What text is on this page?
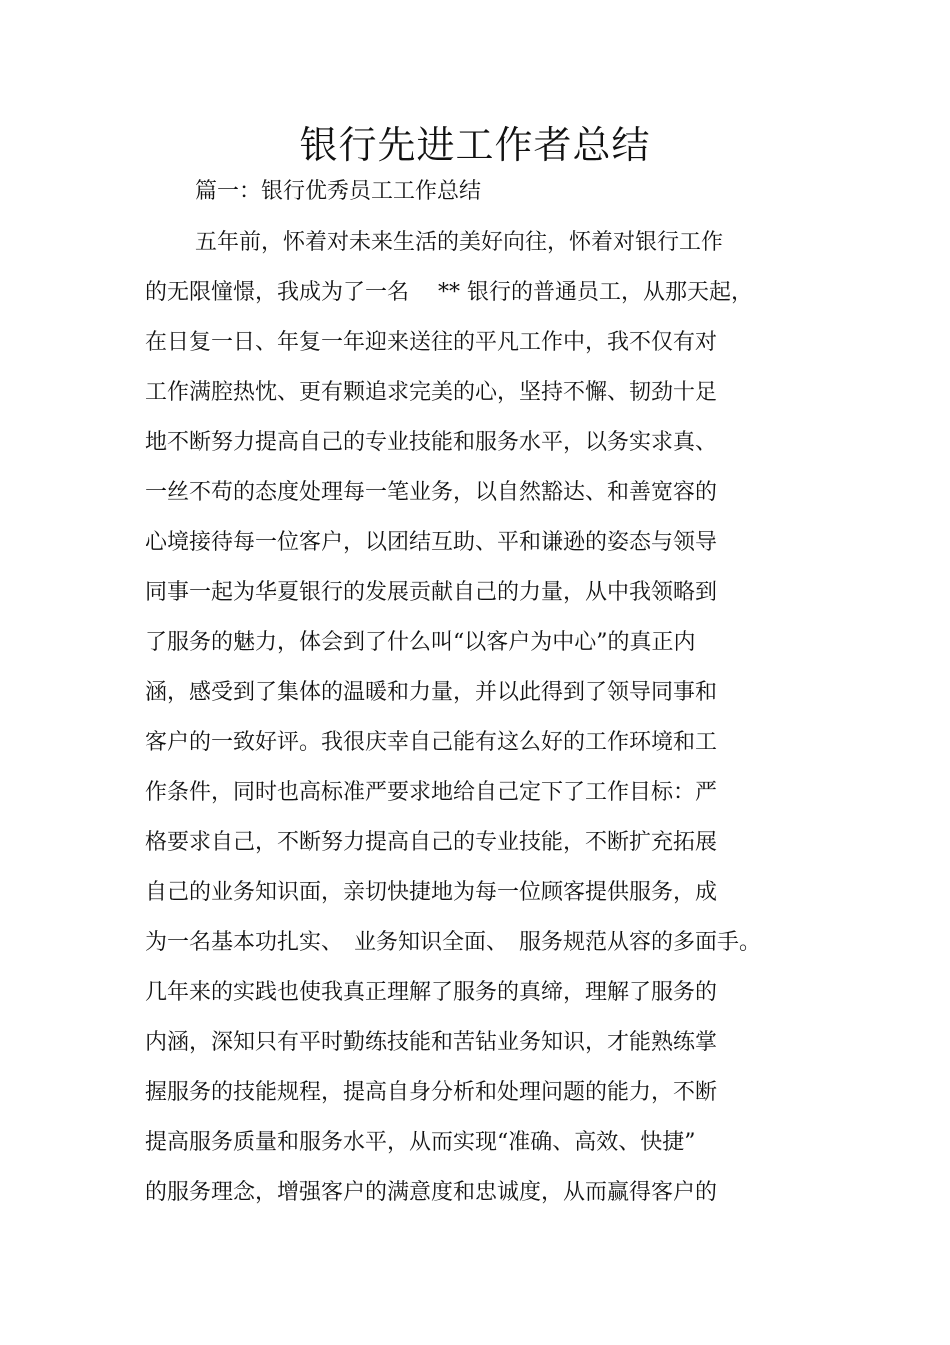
银行先进工作者总结
篇一：银行优秀员工工作总结
五年前，怀着对未来生活的美好向往，怀着对银行工作
的无限憧憬，我成为了一名　 ** 银行的普通员工，从那天起，
在日复一日、年复一年迎来送往的平凡工作中，我不仅有对
工作满腔热忱、更有颗追求完美的心，坚持不懈、韧劲十足
地不断努力提高自己的专业技能和服务水平，以务实求真、
一丝不苟的态度处理每一笔业务，以自然豁达、和善宽容的
心境接待每一位客户，以团结互助、平和谦逊的姿态与领导
同事一起为华夏银行的发展贡献自己的力量，从中我领略到
了服务的魅力，体会到了什么叫“以客户为中心”的真正内
涵，感受到了集体的温暖和力量，并以此得到了领导同事和
客户的一致好评。我很庆幸自己能有这么好的工作环境和工
作条件，同时也高标准严要求地给自己定下了工作目标：严
格要求自己，不断努力提高自己的专业技能，不断扩充拓展
自己的业务知识面，亲切快捷地为每一位顾客提供服务，成
为一名基本功扎实、　业务知识全面、　服务规范从容的多面手。
几年来的实践也使我真正理解了服务的真缔，理解了服务的
内涵，深知只有平时勤练技能和苦钻业务知识，才能熟练掌
握服务的技能规程，提高自身分析和处理问题的能力，不断
提高服务质量和服务水平，从而实现“准确、高效、快捷”
的服务理念，增强客户的满意度和忠诚度，从而赢得客户的
